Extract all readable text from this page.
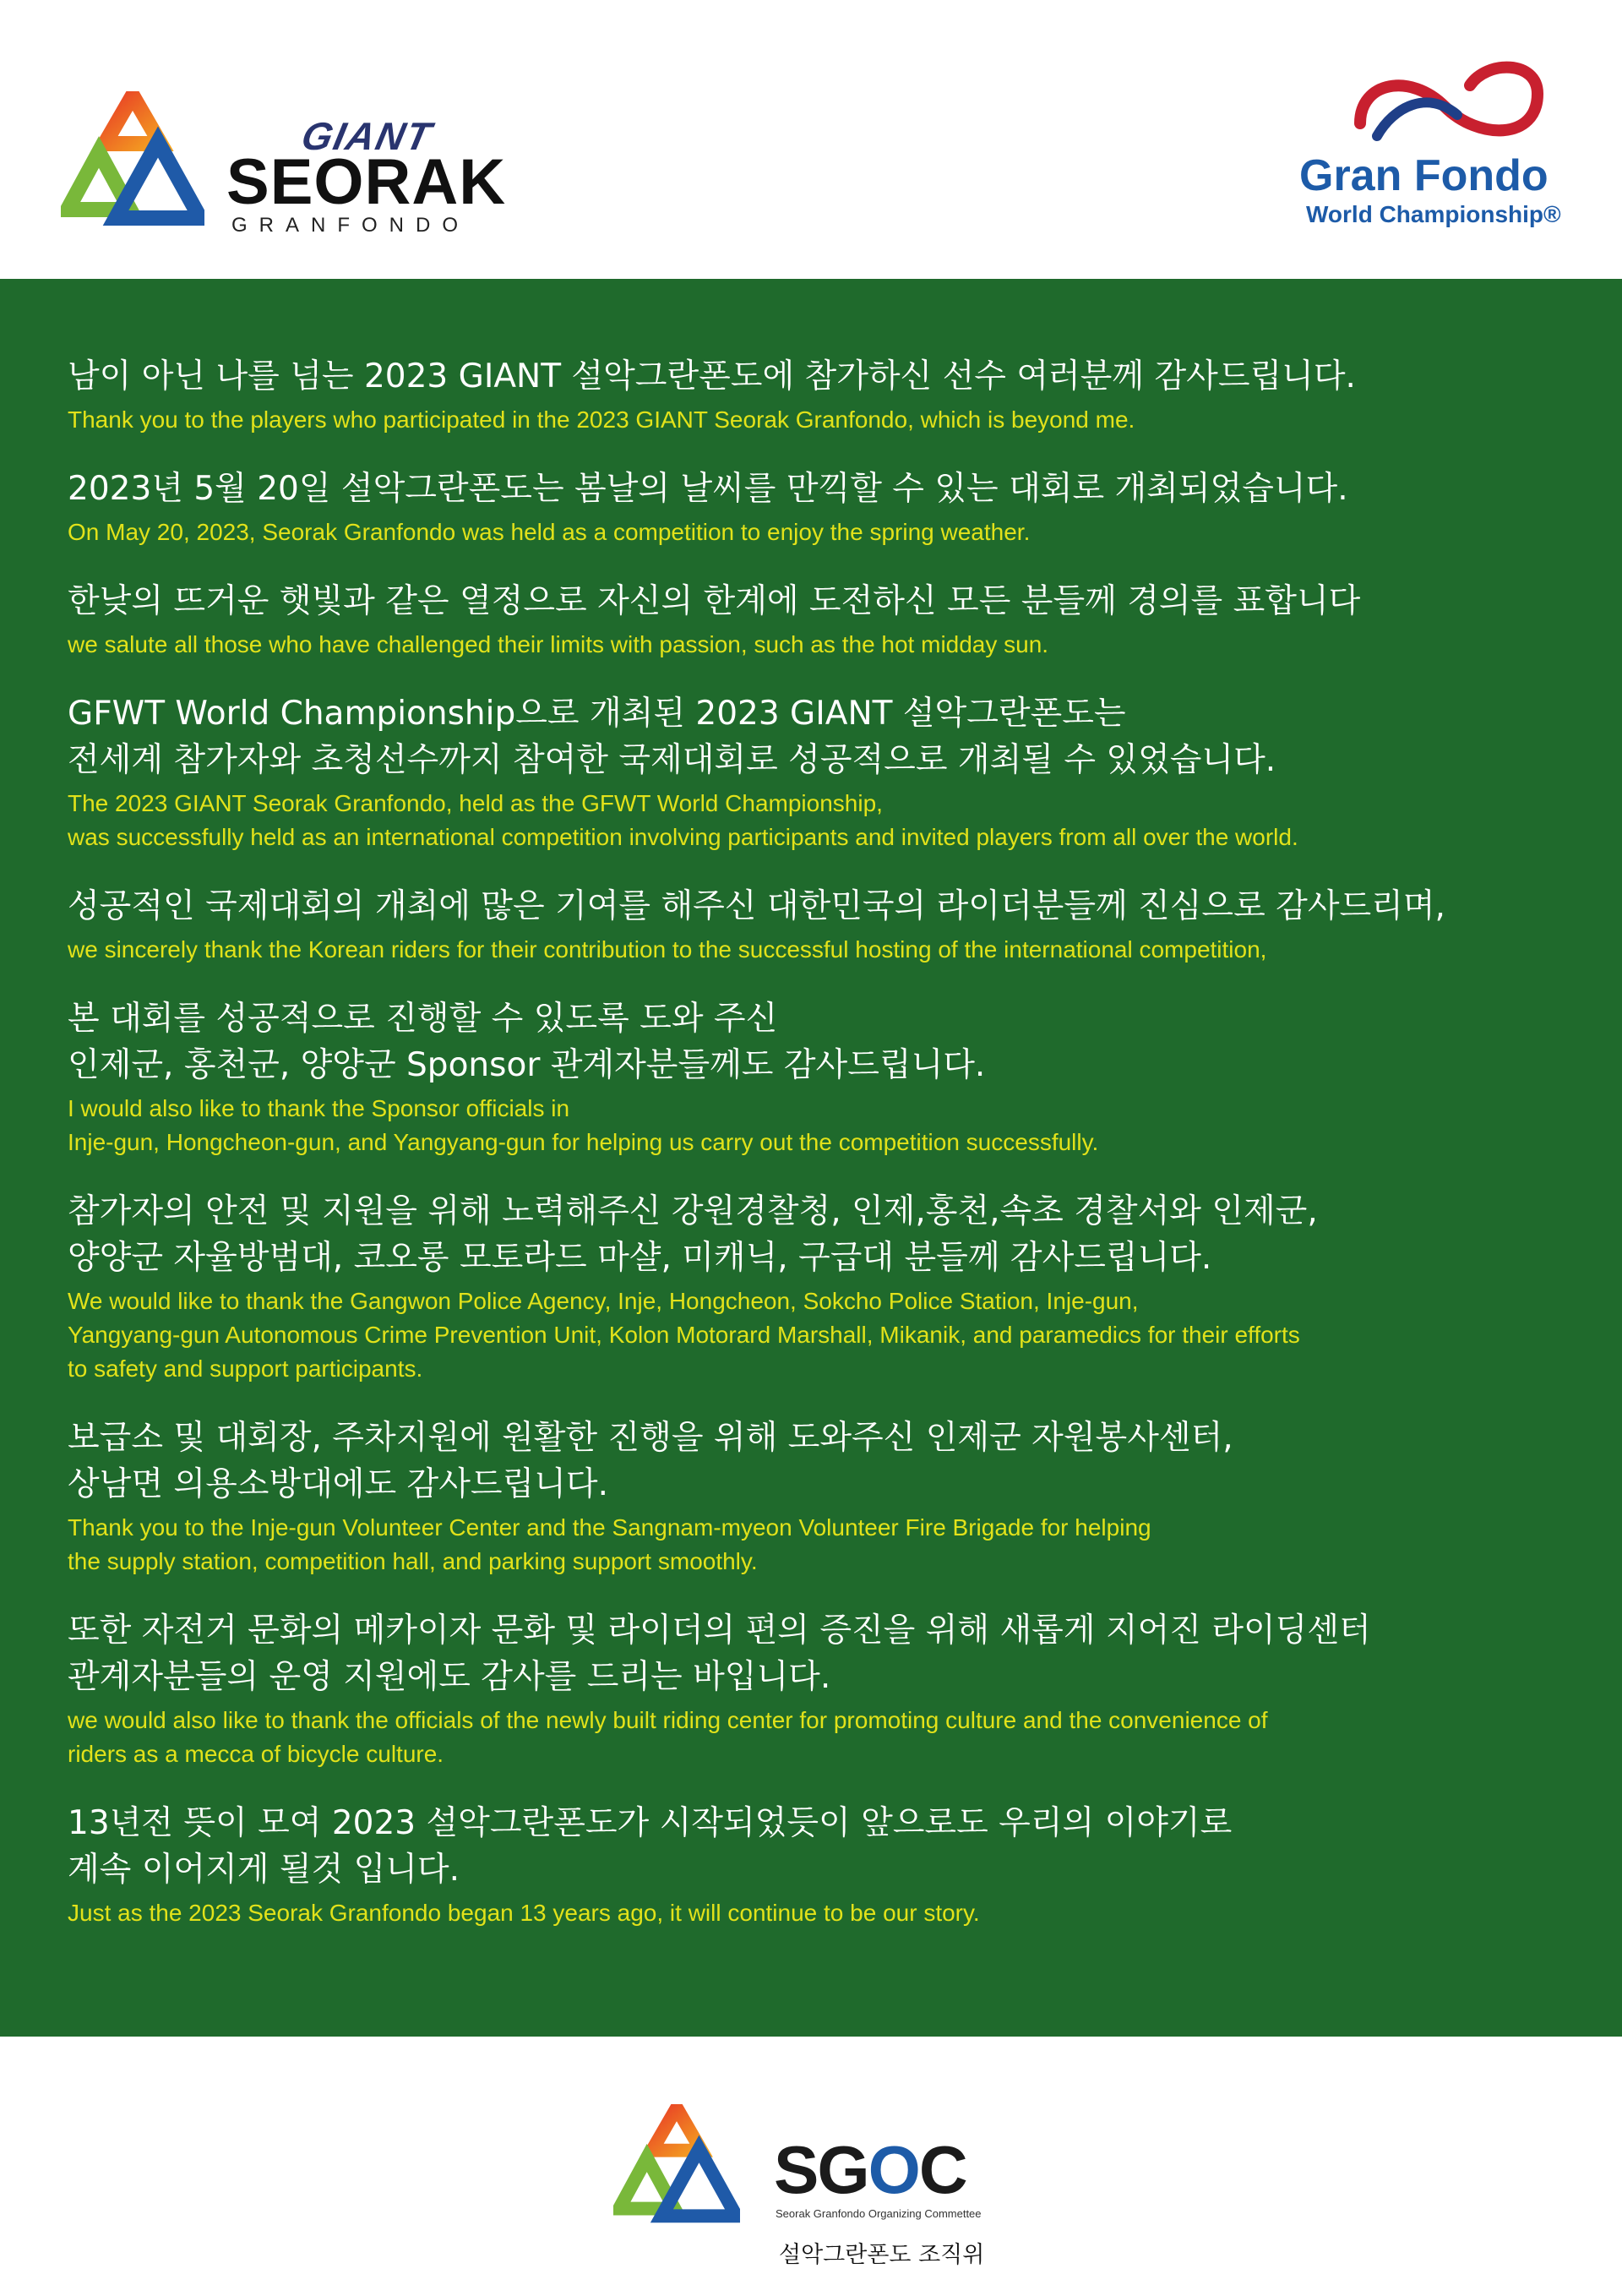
GIANT
SEORAK
GRANFONDO
Gran Fondo
World Championship®

남이 아닌 나를 넘는 2023 GIANT 설악그란폰도에 참가하신 선수 여러분께 감사드립니다.

Thank you to the players who participated in the 2023 GIANT Seorak Granfondo, which is beyond me.

2023년 5월 20일 설악그란폰도는 봄날의 날씨를 만끽할 수 있는 대회로 개최되었습니다.

On May 20, 2023, Seorak Granfondo was held as a competition to enjoy the spring weather.

한낮의 뜨거운 햇빛과 같은 열정으로 자신의 한계에 도전하신 모든 분들께 경의를 표합니다

we salute all those who have challenged their limits with passion, such as the hot midday sun.

GFWT World Championship으로 개최된 2023 GIANT 설악그란폰도는
전세계 참가자와 초청선수까지 참여한 국제대회로 성공적으로 개최될 수 있었습니다.

The 2023 GIANT Seorak Granfondo, held as the GFWT World Championship,
was successfully held as an international competition involving participants and invited players from all over the world.

성공적인 국제대회의 개최에 많은 기여를 해주신 대한민국의 라이더분들께 진심으로 감사드리며,

we sincerely thank the Korean riders for their contribution to the successful hosting of the international competition,

본 대회를 성공적으로 진행할 수 있도록 도와 주신
인제군, 홍천군, 양양군 Sponsor 관계자분들께도 감사드립니다.

I would also like to thank the Sponsor officials in
Inje-gun, Hongcheon-gun, and Yangyang-gun for helping us carry out the competition successfully.

참가자의 안전 및 지원을 위해 노력해주신 강원경찰청, 인제,홍천,속초 경찰서와 인제군,
양양군 자율방범대, 코오롱 모토라드 마샬, 미캐닉, 구급대 분들께 감사드립니다.

We would like to thank the Gangwon Police Agency, Inje, Hongcheon, Sokcho Police Station, Inje-gun,
Yangyang-gun Autonomous Crime Prevention Unit, Kolon Motorard Marshall, Mikanik, and paramedics for their efforts
to safety and support participants.

보급소 및 대회장, 주차지원에 원활한 진행을 위해 도와주신 인제군 자원봉사센터,
상남면 의용소방대에도 감사드립니다.

Thank you to the Inje-gun Volunteer Center and the Sangnam-myeon Volunteer Fire Brigade for helping
the supply station, competition hall, and parking support smoothly.

또한 자전거 문화의 메카이자 문화 및 라이더의 편의 증진을 위해 새롭게 지어진 라이딩센터
관계자분들의 운영 지원에도 감사를 드리는 바입니다.

we would also like to thank the officials of the newly built riding center for promoting culture and the convenience of
riders as a mecca of bicycle culture.

13년전 뜻이 모여 2023 설악그란폰도가 시작되었듯이 앞으로도 우리의 이야기로
계속 이어지게 될것 입니다.

Just as the 2023 Seorak Granfondo began 13 years ago, it will continue to be our story.

SGOC
Seorak Granfondo Organizing Commettee
설악그란폰도 조직위
